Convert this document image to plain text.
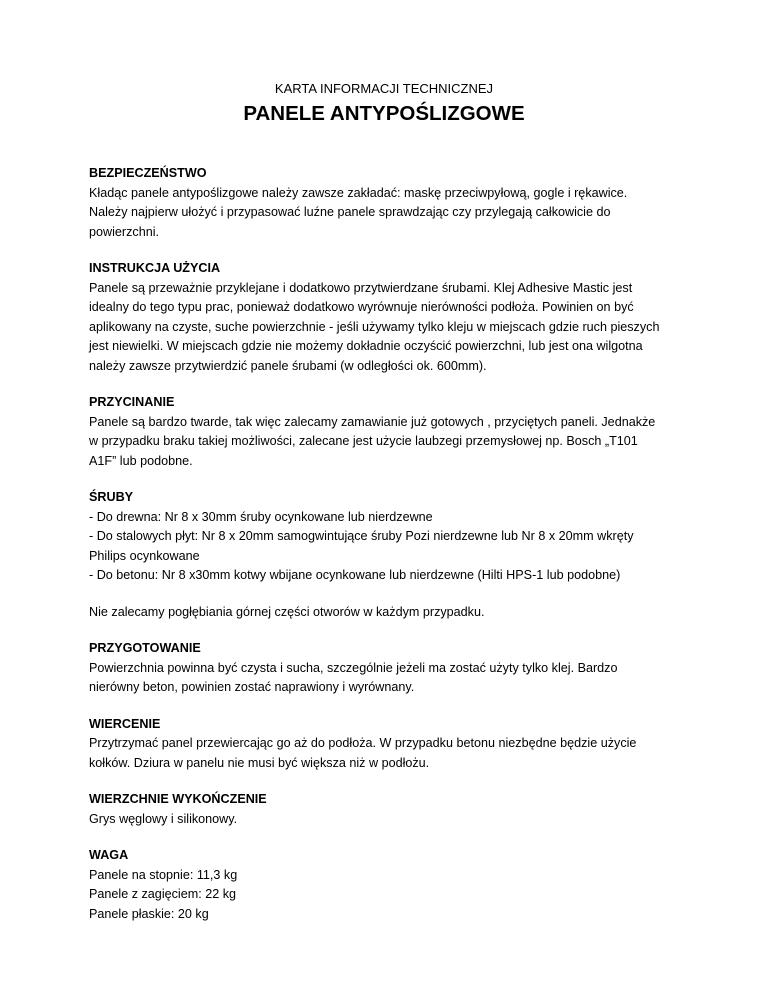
KARTA INFORMACJI TECHNICZNEJ
PANELE ANTYPOŚLIZGOWE

BEZPIECZEŃSTWO

Kładąc panele antypoślizgowe należy zawsze zakładać: maskę przeciwpyłową, gogle i rękawice.

Należy najpierw ułożyć i przypasować luźne panele sprawdzając czy przylegają całkowicie do

powierzchni.

INSTRUKCJA UŻYCIA

Panele są przeważnie przyklejane i dodatkowo przytwierdzane śrubami. Klej Adhesive Mastic jest

idealny do tego typu prac, ponieważ dodatkowo wyrównuje nierówności podłoża. Powinien on być

aplikowany na czyste, suche powierzchnie - jeśli używamy tylko kleju w miejscach gdzie ruch pieszych

jest niewielki. W miejscach gdzie nie możemy dokładnie oczyścić powierzchni, lub jest ona wilgotna

należy zawsze przytwierdzić panele śrubami (w odległości ok. 600mm).

PRZYCINANIE

Panele są bardzo twarde, tak więc zalecamy zamawianie już gotowych , przyciętych paneli. Jednakże

w przypadku braku takiej możliwości, zalecane jest użycie laubzegi przemysłowej np. Bosch „T101

A1F” lub podobne.

ŚRUBY

- Do drewna: Nr 8 x 30mm śruby ocynkowane lub nierdzewne

- Do stalowych płyt: Nr 8 x 20mm samogwintujące śruby Pozi nierdzewne lub Nr 8 x 20mm wkręty

Philips ocynkowane

- Do betonu: Nr 8 x30mm kotwy wbijane ocynkowane lub nierdzewne (Hilti HPS-1 lub podobne)

Nie zalecamy pogłębiania górnej części otworów w każdym przypadku.

PRZYGOTOWANIE

Powierzchnia powinna być czysta i sucha, szczególnie jeżeli ma zostać użyty tylko klej. Bardzo

nierówny beton, powinien zostać naprawiony i wyrównany.

WIERCENIE

Przytrzymać panel przewiercając go aż do podłoża. W przypadku betonu niezbędne będzie użycie

kołków. Dziura w panelu nie musi być większa niż w podłożu.

WIERZCHNIE WYKOŃCZENIE

Grys węglowy i silikonowy.

WAGA

Panele na stopnie: 11,3 kg

Panele z zagięciem: 22 kg

Panele płaskie: 20 kg
